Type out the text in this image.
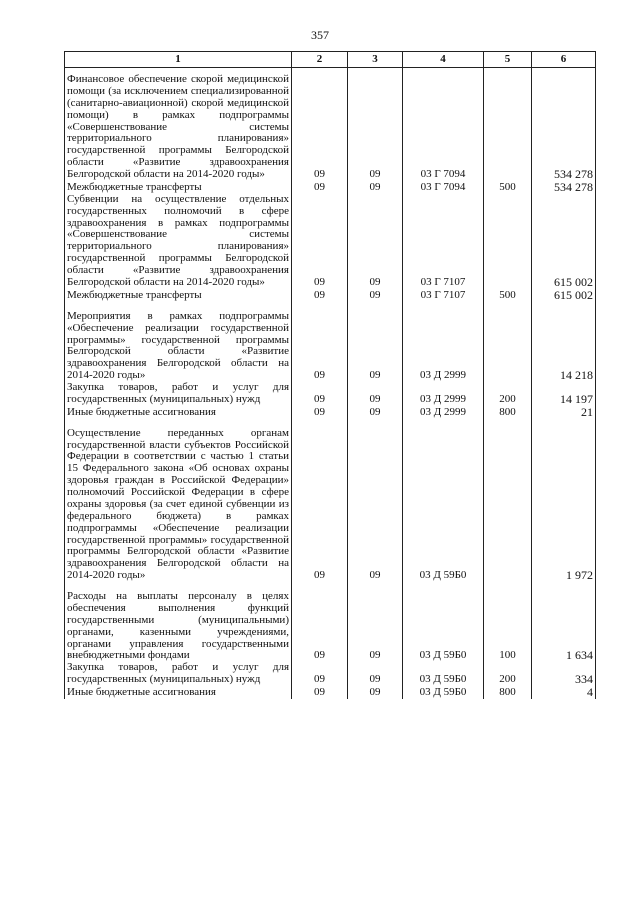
357
1	2	3	4	5	6
Финансовое обеспечение скорой медицинской помощи (за исключением специализированной (санитарно-авиационной) скорой медицинской помощи) в рамках подпрограммы «Совершенствование системы территориального планирования» государственной программы Белгородской области «Развитие здравоохранения Белгородской области на 2014-2020 годы»	09	09	03 Г 7094		534 278
Межбюджетные трансферты	09	09	03 Г 7094	500	534 278
Субвенции на осуществление отдельных государственных полномочий в сфере здравоохранения в рамках подпрограммы «Совершенствование системы территориального планирования» государственной программы Белгородской области «Развитие здравоохранения Белгородской области на 2014-2020 годы»	09	09	03 Г 7107		615 002
Межбюджетные трансферты	09	09	03 Г 7107	500	615 002
Мероприятия в рамках подпрограммы «Обеспечение реализации государственной программы» государственной программы Белгородской области «Развитие здравоохранения Белгородской области на 2014-2020 годы»	09	09	03 Д 2999		14 218
Закупка товаров, работ и услуг для государственных (муниципальных) нужд	09	09	03 Д 2999	200	14 197
Иные бюджетные ассигнования	09	09	03 Д 2999	800	21
Осуществление переданных органам государственной власти субъектов Российской Федерации в соответствии с частью 1 статьи 15 Федерального закона «Об основах охраны здоровья граждан в Российской Федерации» полномочий Российской Федерации в сфере охраны здоровья (за счет единой субвенции из федерального бюджета) в рамках подпрограммы «Обеспечение реализации государственной программы» государственной программы Белгородской области «Развитие здравоохранения Белгородской области на 2014-2020 годы»	09	09	03 Д 59Б0		1 972
Расходы на выплаты персоналу в целях обеспечения выполнения функций государственными (муниципальными) органами, казенными учреждениями, органами управления государственными внебюджетными фондами	09	09	03 Д 59Б0	100	1 634
Закупка товаров, работ и услуг для государственных (муниципальных) нужд	09	09	03 Д 59Б0	200	334
Иные бюджетные ассигнования	09	09	03 Д 59Б0	800	4
